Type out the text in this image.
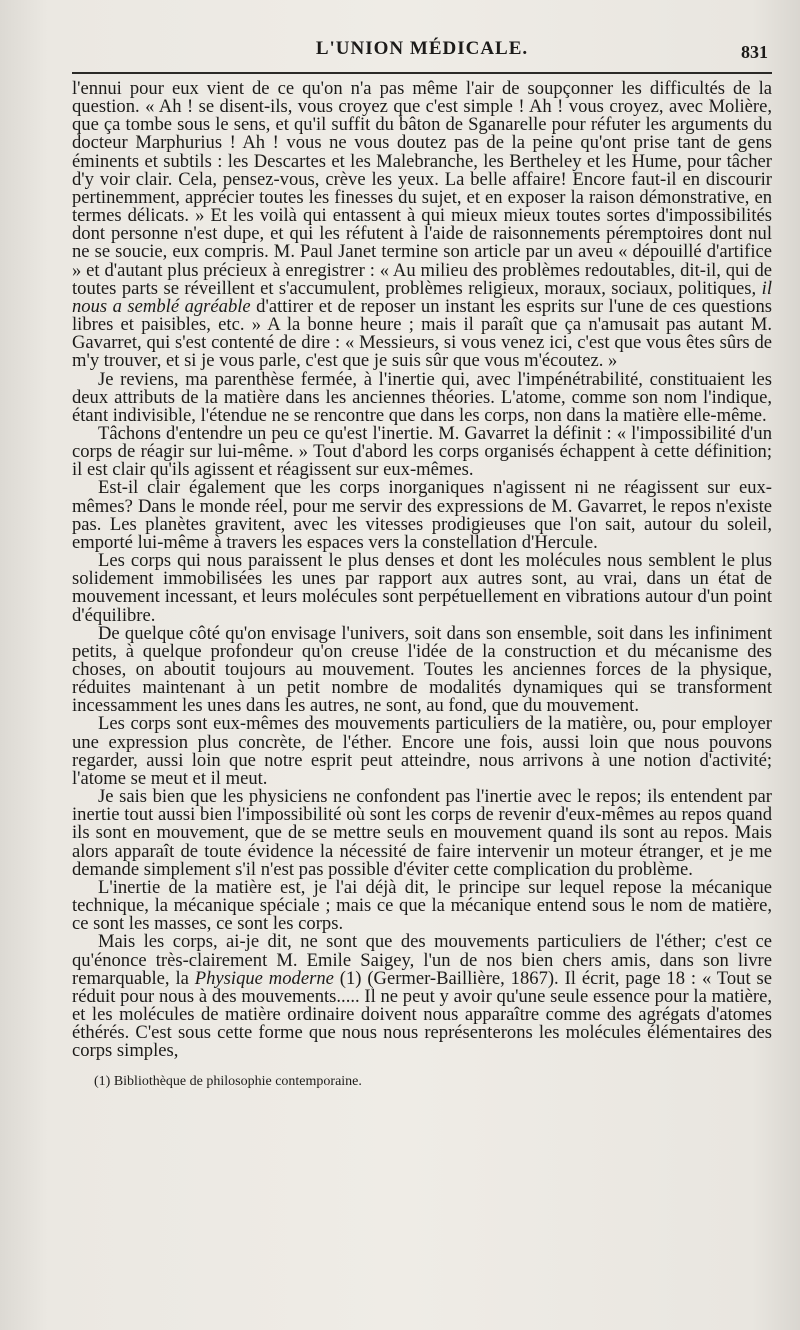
L'UNION MÉDICALE.	831

l'ennui pour eux vient de ce qu'on n'a pas même l'air de soupçonner les difficultés de la question. « Ah ! se disent-ils, vous croyez que c'est simple ! Ah ! vous croyez, avec Molière, que ça tombe sous le sens, et qu'il suffit du bâton de Sganarelle pour réfuter les arguments du docteur Marphurius ! Ah ! vous ne vous doutez pas de la peine qu'ont prise tant de gens éminents et subtils : les Descartes et les Malebranche, les Bertheley et les Hume, pour tâcher d'y voir clair. Cela, pensez-vous, crève les yeux. La belle affaire! Encore faut-il en discourir pertinemment, apprécier toutes les finesses du sujet, et en exposer la raison démonstrative, en termes délicats. » Et les voilà qui entassent à qui mieux mieux toutes sortes d'impossibilités dont personne n'est dupe, et qui les réfutent à l'aide de raisonnements péremptoires dont nul ne se soucie, eux compris. M. Paul Janet termine son article par un aveu « dépouillé d'artifice » et d'autant plus précieux à enregistrer : « Au milieu des problèmes redoutables, dit-il, qui de toutes parts se réveillent et s'accumulent, problèmes religieux, moraux, sociaux, politiques, il nous a semblé agréable d'attirer et de reposer un instant les esprits sur l'une de ces questions libres et paisibles, etc. » A la bonne heure ; mais il paraît que ça n'amusait pas autant M. Gavarret, qui s'est contenté de dire : « Messieurs, si vous venez ici, c'est que vous êtes sûrs de m'y trouver, et si je vous parle, c'est que je suis sûr que vous m'écoutez. »

Je reviens, ma parenthèse fermée, à l'inertie qui, avec l'impénétrabilité, constituaient les deux attributs de la matière dans les anciennes théories. L'atome, comme son nom l'indique, étant indivisible, l'étendue ne se rencontre que dans les corps, non dans la matière elle-même.

Tâchons d'entendre un peu ce qu'est l'inertie. M. Gavarret la définit : « l'impossibilité d'un corps de réagir sur lui-même. » Tout d'abord les corps organisés échappent à cette définition; il est clair qu'ils agissent et réagissent sur eux-mêmes.

Est-il clair également que les corps inorganiques n'agissent ni ne réagissent sur eux-mêmes? Dans le monde réel, pour me servir des expressions de M. Gavarret, le repos n'existe pas. Les planètes gravitent, avec les vitesses prodigieuses que l'on sait, autour du soleil, emporté lui-même à travers les espaces vers la constellation d'Hercule.

Les corps qui nous paraissent le plus denses et dont les molécules nous semblent le plus solidement immobilisées les unes par rapport aux autres sont, au vrai, dans un état de mouvement incessant, et leurs molécules sont perpétuellement en vibrations autour d'un point d'équilibre.

De quelque côté qu'on envisage l'univers, soit dans son ensemble, soit dans les infiniment petits, à quelque profondeur qu'on creuse l'idée de la construction et du mécanisme des choses, on aboutit toujours au mouvement. Toutes les anciennes forces de la physique, réduites maintenant à un petit nombre de modalités dynamiques qui se transforment incessamment les unes dans les autres, ne sont, au fond, que du mouvement.

Les corps sont eux-mêmes des mouvements particuliers de la matière, ou, pour employer une expression plus concrète, de l'éther. Encore une fois, aussi loin que nous pouvons regarder, aussi loin que notre esprit peut atteindre, nous arrivons à une notion d'activité; l'atome se meut et il meut.

Je sais bien que les physiciens ne confondent pas l'inertie avec le repos; ils entendent par inertie tout aussi bien l'impossibilité où sont les corps de revenir d'eux-mêmes au repos quand ils sont en mouvement, que de se mettre seuls en mouvement quand ils sont au repos. Mais alors apparaît de toute évidence la nécessité de faire intervenir un moteur étranger, et je me demande simplement s'il n'est pas possible d'éviter cette complication du problème.

L'inertie de la matière est, je l'ai déjà dit, le principe sur lequel repose la mécanique technique, la mécanique spéciale ; mais ce que la mécanique entend sous le nom de matière, ce sont les masses, ce sont les corps.

Mais les corps, ai-je dit, ne sont que des mouvements particuliers de l'éther; c'est ce qu'énonce très-clairement M. Emile Saigey, l'un de nos bien chers amis, dans son livre remarquable, la Physique moderne (1) (Germer-Baillière, 1867). Il écrit, page 18 : « Tout se réduit pour nous à des mouvements..... Il ne peut y avoir qu'une seule essence pour la matière, et les molécules de matière ordinaire doivent nous apparaître comme des agrégats d'atomes éthérés. C'est sous cette forme que nous nous représenterons les molécules élémentaires des corps simples,

(1) Bibliothèque de philosophie contemporaine.
